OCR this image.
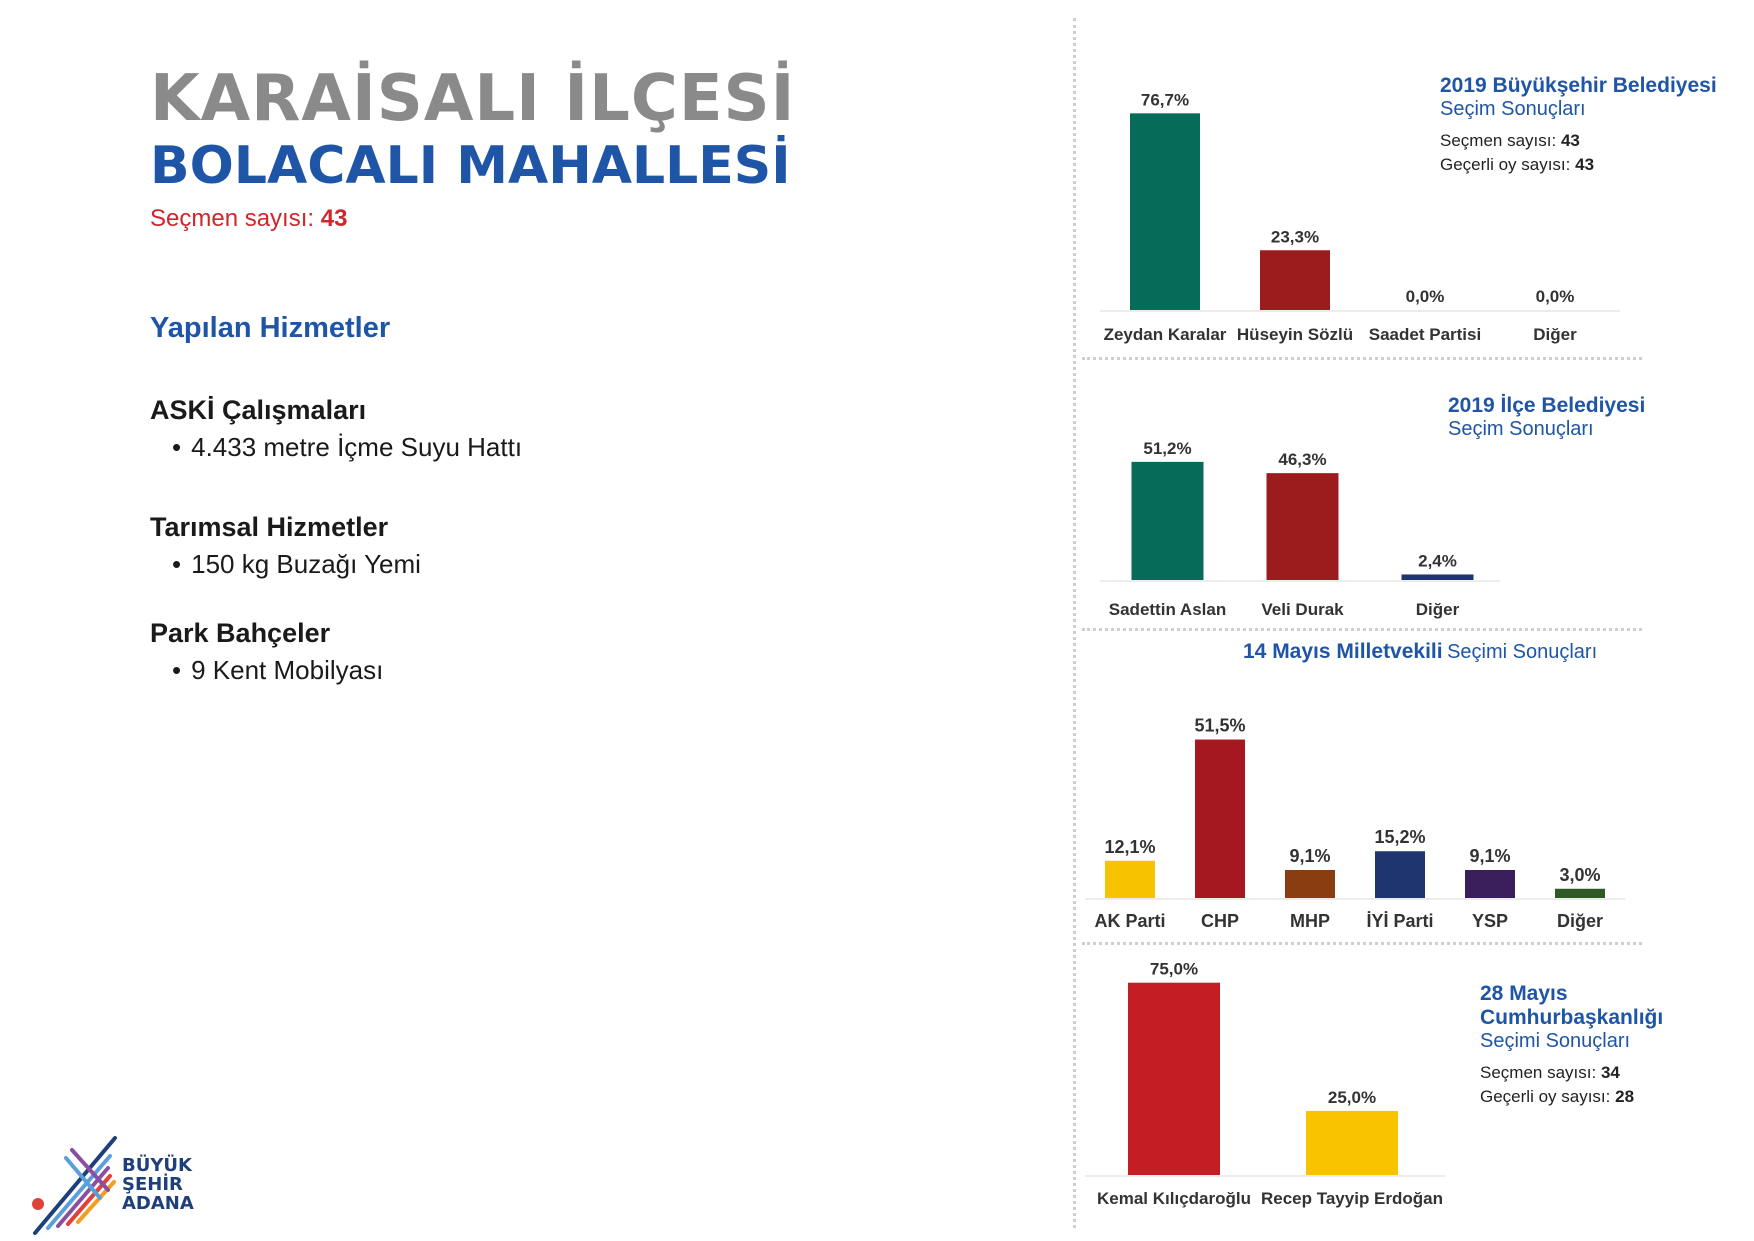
KARAİSALI İLÇESİ
BOLACALI MAHALLESİ
Seçmen sayısı: 43
Yapılan Hizmetler
ASKİ Çalışmaları
• 4.433 metre İçme Suyu Hattı
Tarımsal Hizmetler
• 150 kg Buzağı Yemi
Park Bahçeler
• 9 Kent Mobilyası
BÜYÜK
ŞEHİR
ADANA
76,7%
Zeydan Karalar
23,3%
Hüseyin Sözlü
0,0%
Saadet Partisi
0,0%
Diğer
2019 Büyükşehir Belediyesi
Seçim Sonuçları
Seçmen sayısı: 43
Geçerli oy sayısı: 43
51,2%
Sadettin Aslan
46,3%
Veli Durak
2,4%
Diğer
2019 İlçe Belediyesi
Seçim Sonuçları
14 Mayıs Milletvekili Seçimi Sonuçları
12,1%
AK Parti
51,5%
CHP
9,1%
MHP
15,2%
İYİ Parti
9,1%
YSP
3,0%
Diğer
75,0%
Kemal Kılıçdaroğlu
25,0%
Recep Tayyip Erdoğan
28 Mayıs
Cumhurbaşkanlığı
Seçimi Sonuçları
Seçmen sayısı: 34
Geçerli oy sayısı: 28
